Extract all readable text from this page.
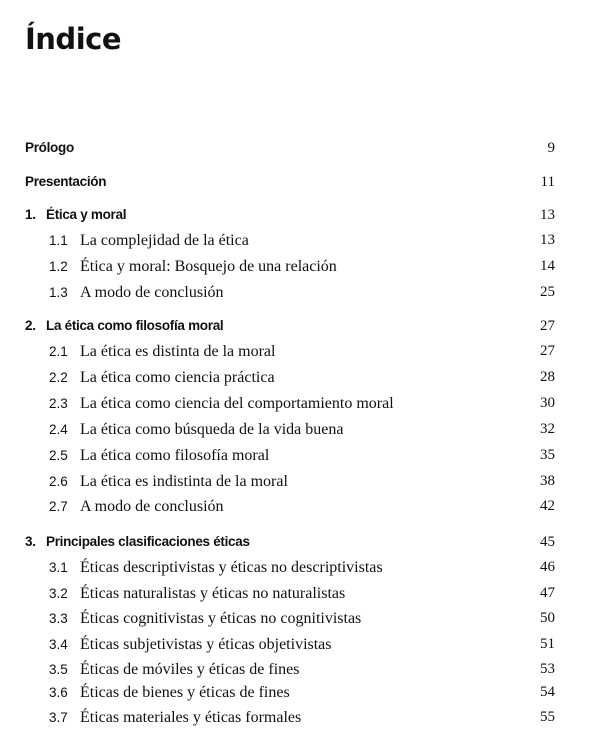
Índice
Prólogo	9
Presentación	11
1. Ética y moral	13
1.1 La complejidad de la ética	13
1.2 Ética y moral: Bosquejo de una relación	14
1.3 A modo de conclusión	25
2. La ética como filosofía moral	27
2.1 La ética es distinta de la moral	27
2.2 La ética como ciencia práctica	28
2.3 La ética como ciencia del comportamiento moral	30
2.4 La ética como búsqueda de la vida buena	32
2.5 La ética como filosofía moral	35
2.6 La ética es indistinta de la moral	38
2.7 A modo de conclusión	42
3. Principales clasificaciones éticas	45
3.1 Éticas descriptivistas y éticas no descriptivistas	46
3.2 Éticas naturalistas y éticas no naturalistas	47
3.3 Éticas cognitivistas y éticas no cognitivistas	50
3.4 Éticas subjetivistas y éticas objetivistas	51
3.5 Éticas de móviles y éticas de fines	53
3.6 Éticas de bienes y éticas de fines	54
3.7 Éticas materiales y éticas formales	55
